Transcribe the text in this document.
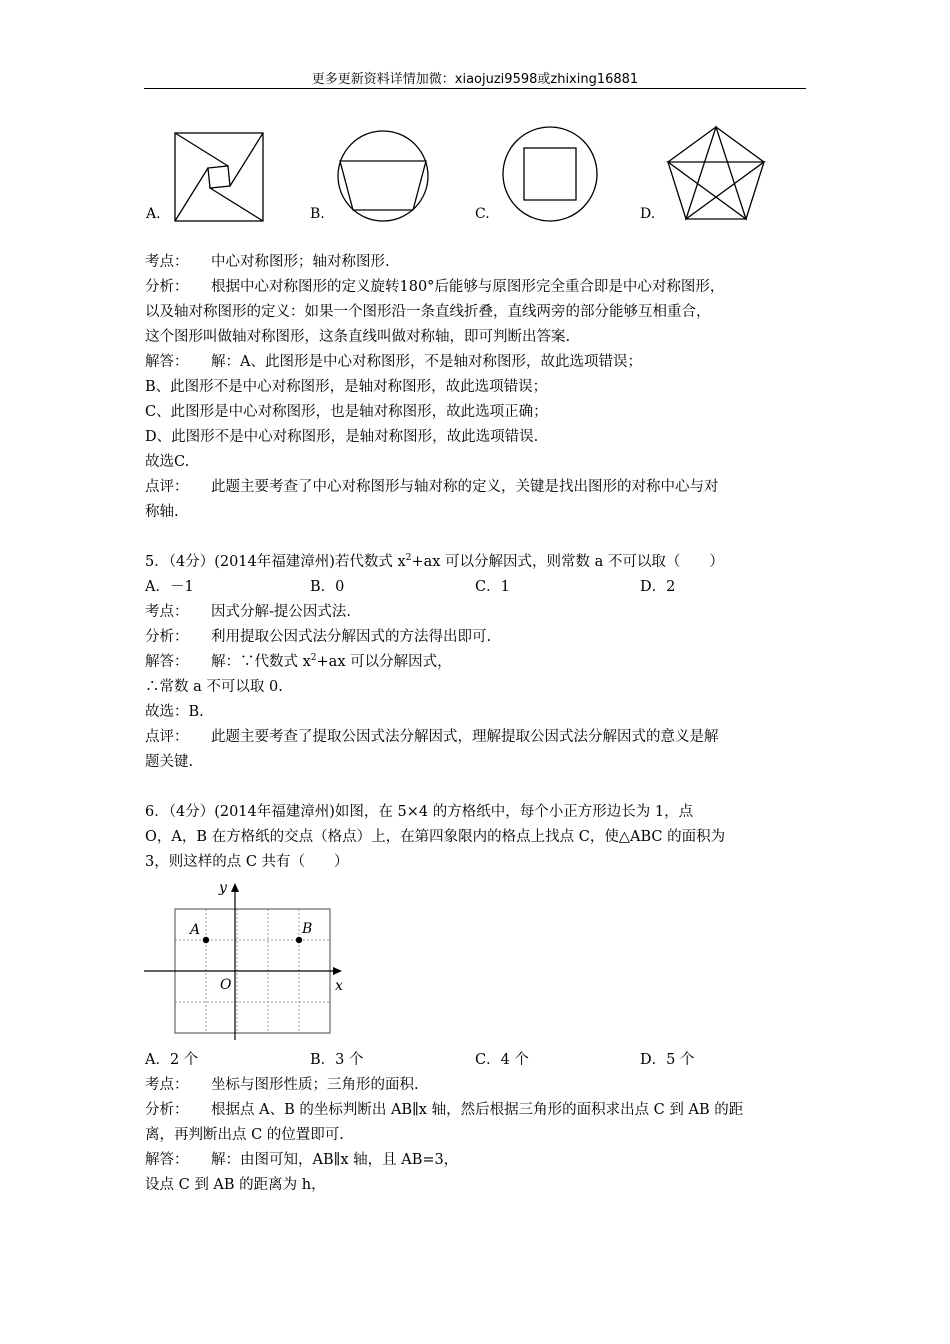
更多更新资料详情加微：xiaojuzi9598或zhixing16881
A.	B.	C.	D.
考点： 中心对称图形；轴对称图形.
分析： 根据中心对称图形的定义旋转180°后能够与原图形完全重合即是中心对称图形，
以及轴对称图形的定义：如果一个图形沿一条直线折叠，直线两旁的部分能够互相重合，
这个图形叫做轴对称图形，这条直线叫做对称轴，即可判断出答案.
解答： 解：A、此图形是中心对称图形，不是轴对称图形，故此选项错误；
B、此图形不是中心对称图形，是轴对称图形，故此选项错误；
C、此图形是中心对称图形，也是轴对称图形，故此选项正确；
D、此图形不是中心对称图形，是轴对称图形，故此选项错误.
故选C.
点评： 此题主要考查了中心对称图形与轴对称的定义，关键是找出图形的对称中心与对
称轴.
5．（4分）(2014年福建漳州)若代数式 $x^2+ax$ 可以分解因式，则常数 a 不可以取（　　）
A．－1	B．0	C．1	D．2
考点： 因式分解-提公因式法.
分析： 利用提取公因式法分解因式的方法得出即可.
解答： 解：∵代数式 $x^2+ax$ 可以分解因式，
∴常数 a 不可以取 0.
故选：B.
点评： 此题主要考查了提取公因式法分解因式，理解提取公因式法分解因式的意义是解
题关键.
6．（4分）(2014年福建漳州)如图，在 5×4 的方格纸中，每个小正方形边长为 1，点
O，A，B 在方格纸的交点（格点）上，在第四象限内的格点上找点 C，使△ABC 的面积为
3，则这样的点 C 共有（　　）
y
x
O
A	B
A．2 个	B．3 个	C．4 个	D．5 个
考点： 坐标与图形性质；三角形的面积.
分析： 根据点 A、B 的坐标判断出 AB∥x 轴，然后根据三角形的面积求出点 C 到 AB 的距
离，再判断出点 C 的位置即可.
解答： 解：由图可知，AB∥x 轴，且 AB=3，
设点 C 到 AB 的距离为 h，
